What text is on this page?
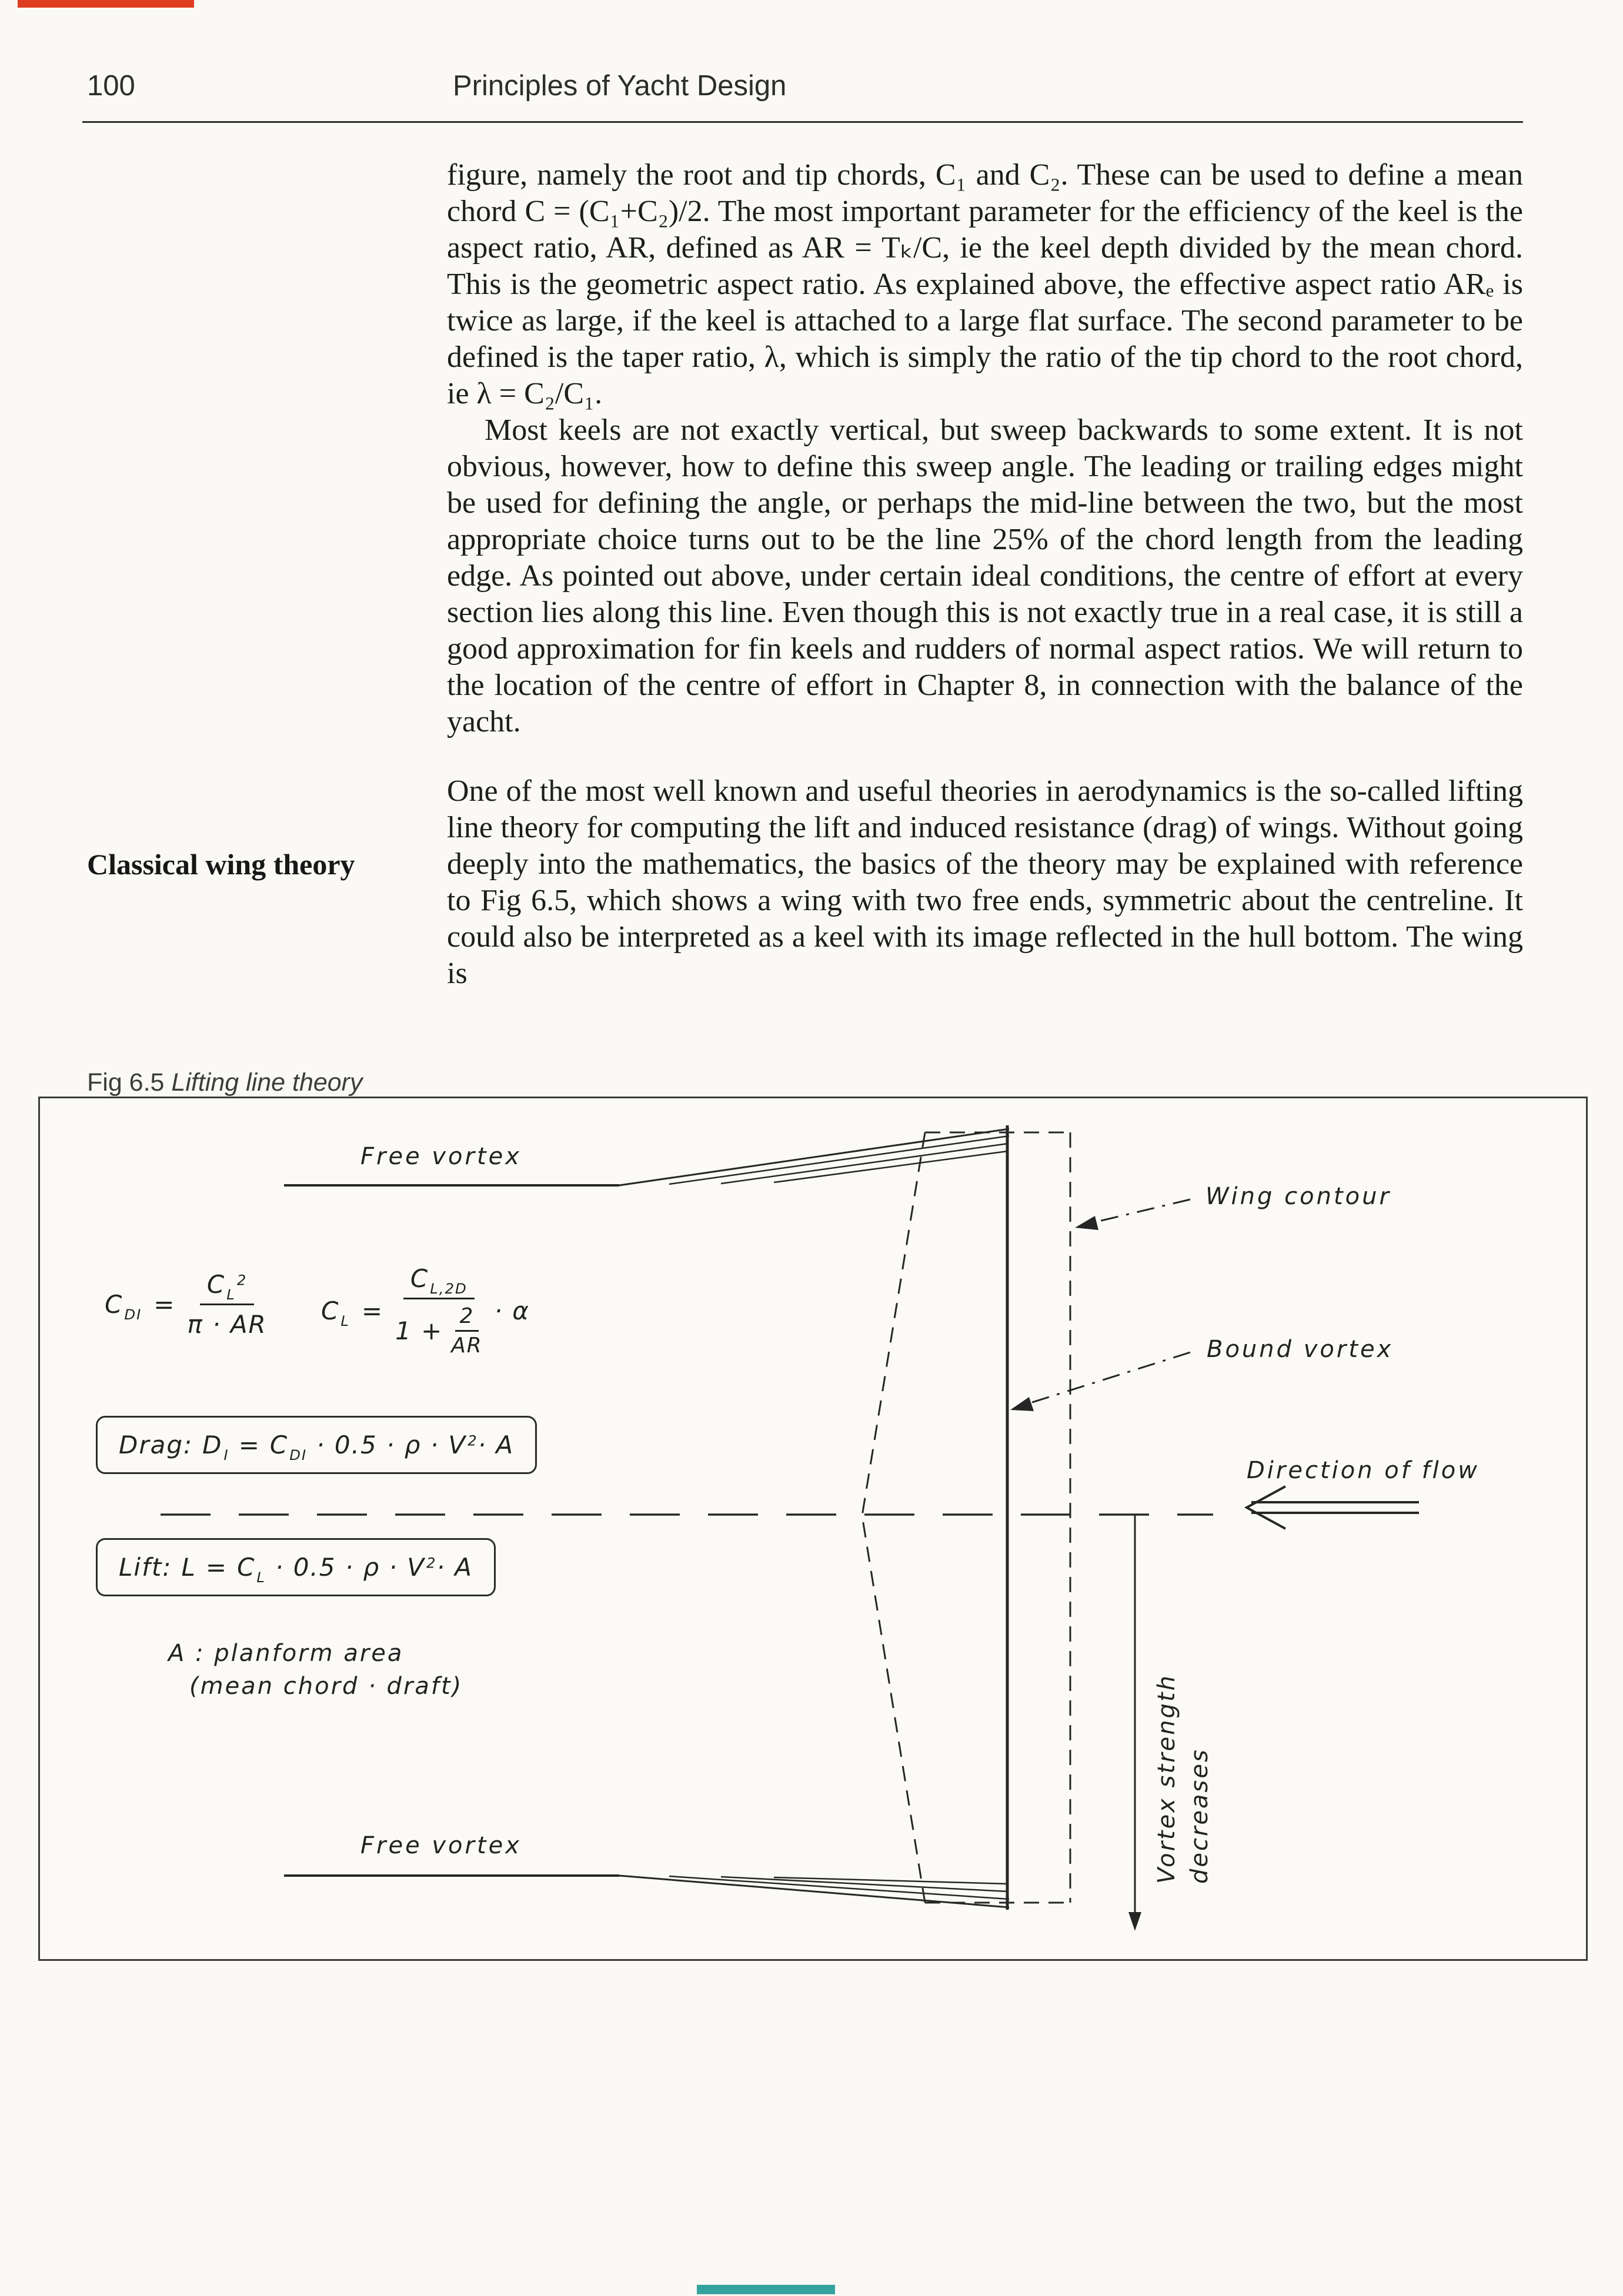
100	Principles of Yacht Design
Classical wing theory
Fig 6.5 Lifting line theory

figure, namely the root and tip chords, C₁ and C₂. These can be used to define a mean chord C = (C₁+C₂)/2. The most important parameter for the efficiency of the keel is the aspect ratio, AR, defined as AR = Tₖ/C, ie the keel depth divided by the mean chord. This is the geometric aspect ratio. As explained above, the effective aspect ratio ARₑ is twice as large, if the keel is attached to a large flat surface. The second parameter to be defined is the taper ratio, λ, which is simply the ratio of the tip chord to the root chord, ie λ = C₂/C₁.

Most keels are not exactly vertical, but sweep backwards to some extent. It is not obvious, however, how to define this sweep angle. The leading or trailing edges might be used for defining the angle, or perhaps the mid-line between the two, but the most appropriate choice turns out to be the line 25% of the chord length from the leading edge. As pointed out above, under certain ideal conditions, the centre of effort at every section lies along this line. Even though this is not exactly true in a real case, it is still a good approximation for fin keels and rudders of normal aspect ratios. We will return to the location of the centre of effort in Chapter 8, in connection with the balance of the yacht.

One of the most well known and useful theories in aerodynamics is the so-called lifting line theory for computing the lift and induced resistance (drag) of wings. Without going deeply into the mathematics, the basics of the theory may be explained with reference to Fig 6.5, which shows a wing with two free ends, symmetric about the centreline. It could also be interpreted as a keel with its image reflected in the hull bottom. The wing is

Free vortex
Free vortex
Wing contour
Bound vortex
Direction of flow
Vortex strength decreases
C DI = C L
2
π · AR C $L = \frac{\text{C L,2D}}{1 + \frac{2}{AR}} \cdot \alpha$
Drag: D I = C DI · 0.5 · ρ · V 2 · A
Lift: L = C L · 0.5 · ρ · V 2 · A
A : planform area
(mean chord · draft)
